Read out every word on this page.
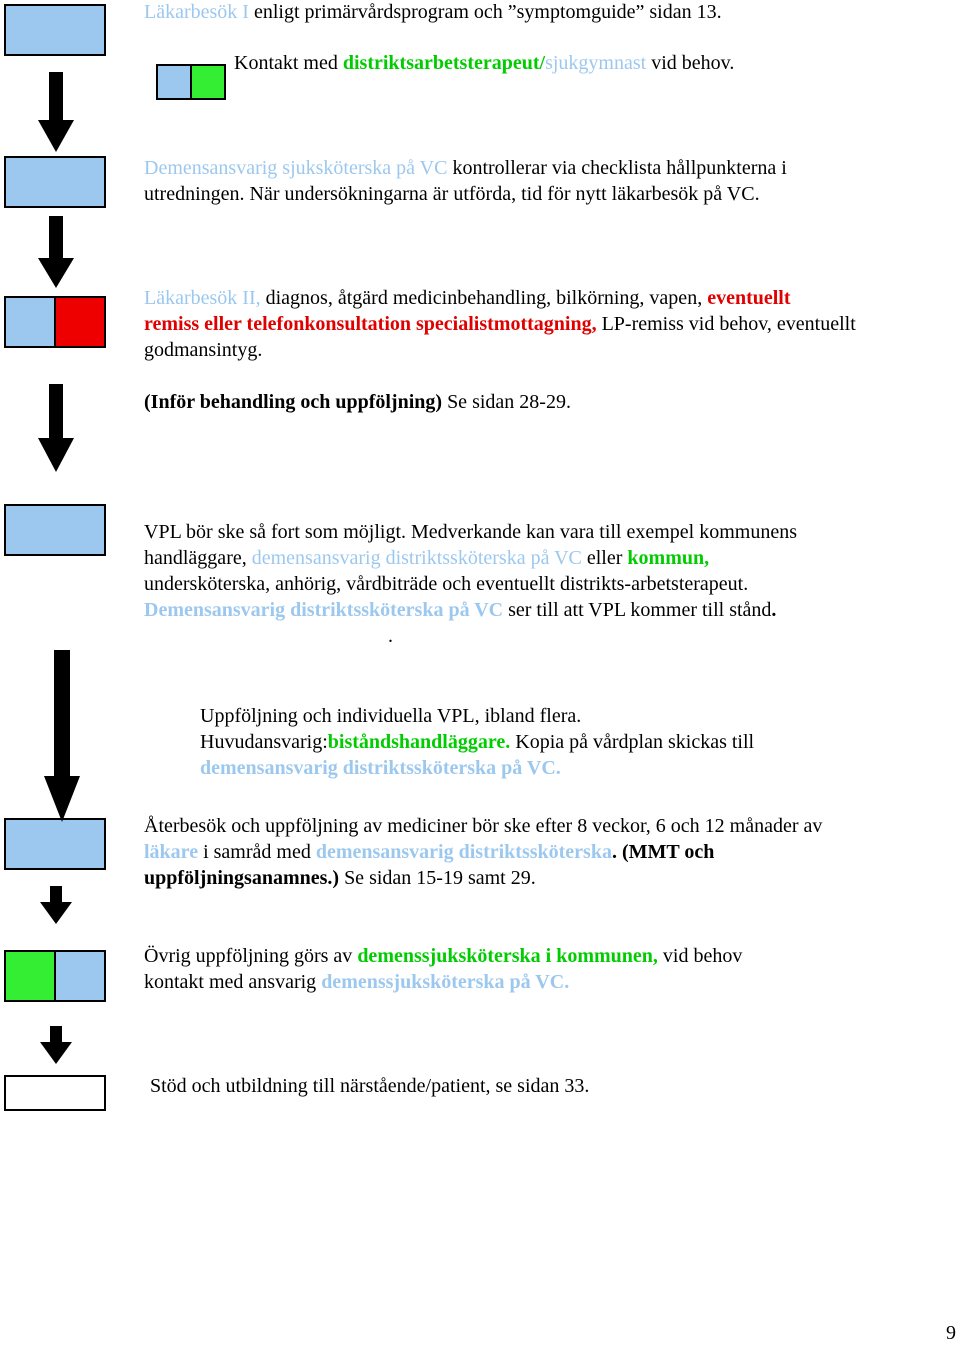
Läkarbesök I enligt primärvårdsprogram och ”symptomguide” sidan 13.
Kontakt med distriktsarbetsterapeut/sjukgymnast vid behov.
Demensansvarig sjuksköterska på VC kontrollerar via checklista hållpunkterna i
utredningen. När undersökningarna är utförda, tid för nytt läkarbesök på VC.
Läkarbesök II, diagnos, åtgärd medicinbehandling, bilkörning, vapen, eventuellt
remiss eller telefonkonsultation specialistmottagning, LP-remiss vid behov, eventuellt
godmansintyg.
(Inför behandling och uppföljning) Se sidan 28-29.
VPL bör ske så fort som möjligt. Medverkande kan vara till exempel kommunens
handläggare, demensansvarig distriktssköterska på VC eller kommun,
undersköterska, anhörig, vårdbiträde och eventuellt distrikts-arbetsterapeut.
Demensansvarig distriktssköterska på VC ser till att VPL kommer till stånd.
.
Uppföljning och individuella VPL, ibland flera.
Huvudansvarig:biståndshandläggare. Kopia på vårdplan skickas till
demensansvarig distriktssköterska på VC.
Återbesök och uppföljning av mediciner bör ske efter 8 veckor, 6 och 12 månader av
läkare i samråd med demensansvarig distriktssköterska. (MMT och
uppföljningsanamnes.) Se sidan 15-19 samt 29.
Övrig uppföljning görs av demenssjuksköterska i kommunen, vid behov
kontakt med ansvarig demenssjuksköterska på VC.
Stöd och utbildning till närstående/patient, se sidan 33.
9
